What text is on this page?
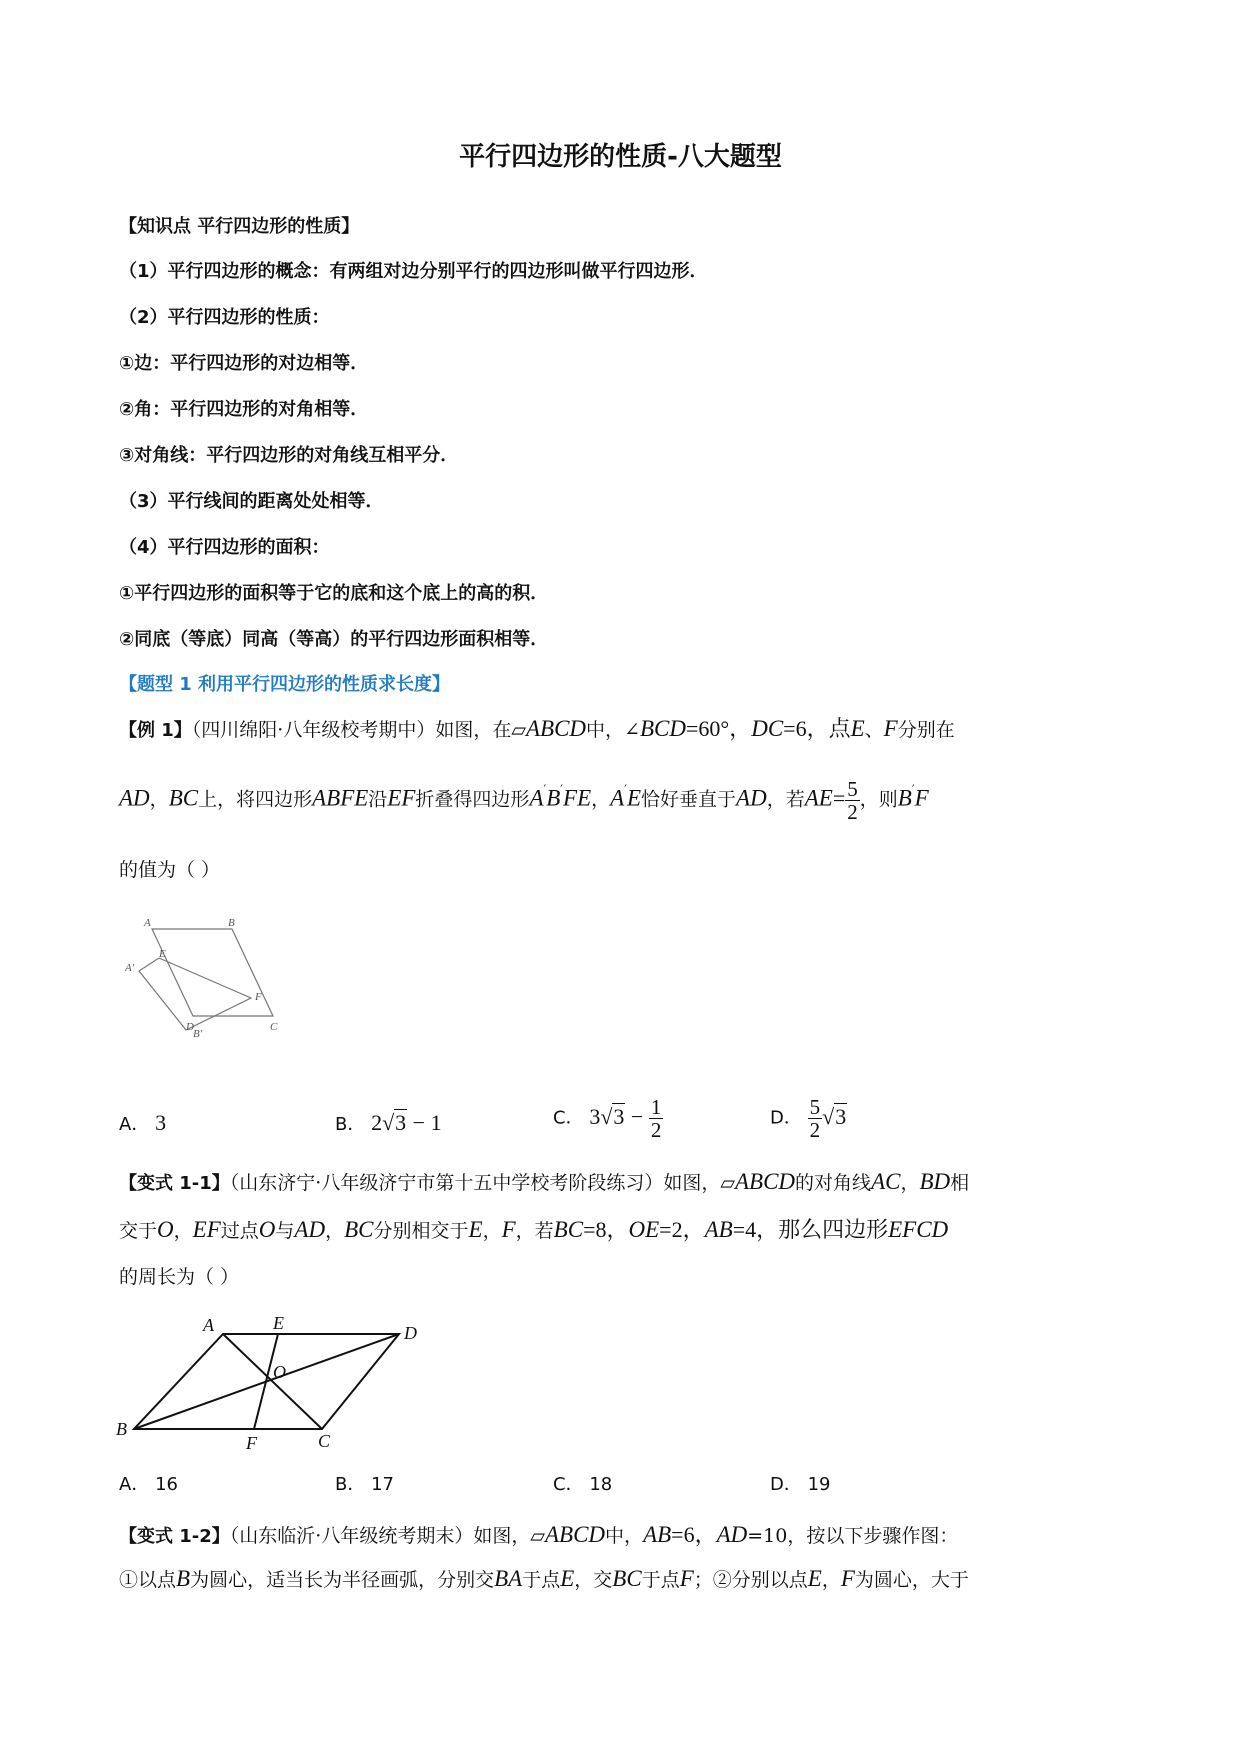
平行四边形的性质-八大题型
【知识点 平行四边形的性质】
（1）平行四边形的概念：有两组对边分别平行的四边形叫做平行四边形．
（2）平行四边形的性质：
①边：平行四边形的对边相等．
②角：平行四边形的对角相等．
③对角线：平行四边形的对角线互相平分．
（3）平行线间的距离处处相等．
（4）平行四边形的面积：
①平行四边形的面积等于它的底和这个底上的高的积．
②同底（等底）同高（等高）的平行四边形面积相等．
【题型 1 利用平行四边形的性质求长度】
【例 1】（四川绵阳·八年级校考期中）如图，在▱ABCD中，∠BCD=60°，DC=6，点E、F分别在
AD，BC上，将四边形ABFE沿EF折叠得四边形A′B′FE，A′E恰好垂直于AD，若$AE= \frac{5}{2}$ ，则B′F
的值为（ ）
A	B
C
D
E
F
A′
B′
A． 3	B． 2√3 − 1	C． $3√3 - \frac{1}{2}$	D． $\frac{5}{2} √3$
【变式 1-1】（山东济宁·八年级济宁市第十五中学校考阶段练习）如图，▱ABCD的对角线AC，BD相
交于O，EF过点O与AD，BC分别相交于E，F，若BC=8，OE=2，AB=4，那么四边形EFCD
的周长为（ ）
A
B
C
D
E
F
O
A． 16	B． 17	C． 18	D． 19
【变式 1-2】（山东临沂·八年级统考期末）如图，▱ABCD中，AB=6，AD=10，按以下步骤作图：
①以点B为圆心，适当长为半径画弧，分别交BA于点E，交BC于点F；②分别以点E，F为圆心，大于
